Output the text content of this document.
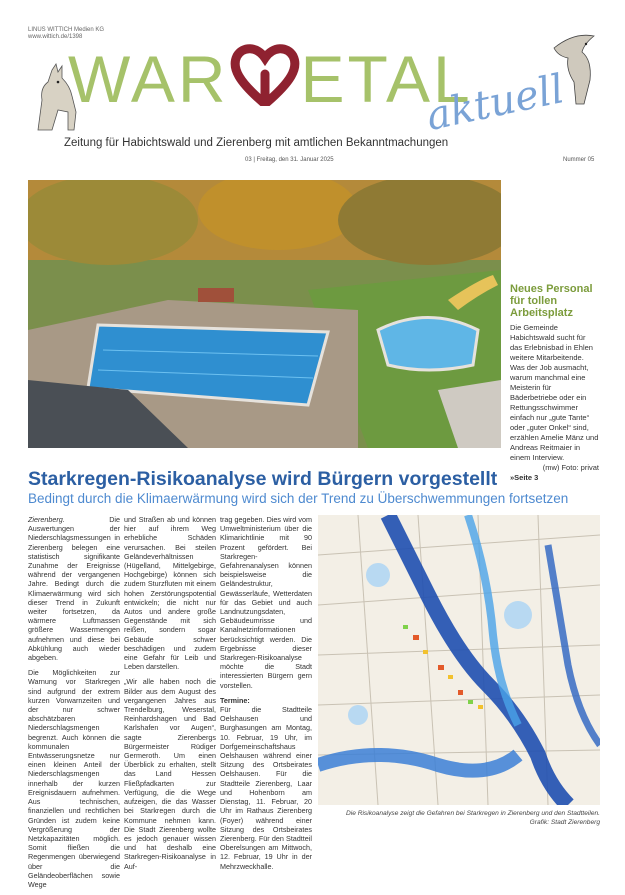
LINUS WITTICH Medien KG
www.wittich.de/1398
WAR ETAL
Zeitung für Habichtswald und Zierenberg mit amtlichen Bekanntmachungen
aktuell
03 | Freitag, den 31. Januar 2025	Nummer 05
Neues Personal für tollen Arbeitsplatz
Die Gemeinde Habichtswald sucht für das Erlebnisbad in Ehlen weitere Mitarbeitende. Was der Job ausmacht, warum manchmal eine Meisterin für Bäderbetriebe oder ein Rettungsschwimmer einfach nur „gute Tante“ oder „guter Onkel“ sind, erzählen Amelie Mänz und Andreas Reitmaier in einem Interview.
(mw) Foto: privat
»Seite 3
Starkregen-Risikoanalyse wird Bürgern vorgestellt
Bedingt durch die Klimaerwärmung wird sich der Trend zu Überschwemmungen fortsetzen

Zierenberg. Die Auswertungen der Niederschlagsmessungen in Zierenberg belegen eine statistisch signifikante Zunahme der Ereignisse während der vergangenen Jahre. Bedingt durch die Klimaerwärmung wird sich dieser Trend in Zukunft weiter fortsetzen, da wärmere Luftmassen größere Wassermengen aufnehmen und diese bei Abkühlung auch wieder abgeben.

Die Möglichkeiten zur Warnung vor Starkregen sind aufgrund der extrem kurzen Vorwarnzeiten und der nur schwer abschätzbaren Niederschlagsmengen begrenzt. Auch können die kommunalen Entwässerungsnetze nur einen kleinen Anteil der Niederschlagsmengen innerhalb der kurzen Ereignisdauern aufnehmen. Aus technischen, finanziellen und rechtlichen Gründen ist zudem keine Vergrößerung der Netzkapazitäten möglich. Somit fließen die Regenmengen überwiegend über die Geländeoberflächen sowie Wege

und Straßen ab und können hier auf ihrem Weg erhebliche Schäden verursachen. Bei steilen Geländeverhältnissen (Hügelland, Mittelgebirge, Hochgebirge) können sich zudem Sturzfluten mit einem hohen Zerstörungspotential entwickeln; die nicht nur Autos und andere große Gegenstände mit sich reißen, sondern sogar Gebäude schwer beschädigen und zudem eine Gefahr für Leib und Leben darstellen.

„Wir alle haben noch die Bilder aus dem August des vergangenen Jahres aus Trendelburg, Weserstal, Reinhardshagen und Bad Karlshafen vor Augen“, sagte Zierenbergs Bürgermeister Rüdiger Germeroth. Um einen Überblick zu erhalten, stellt das Land Hessen Fließpfadkarten zur Verfügung, die die Wege aufzeigen, die das Wasser bei Starkregen durch die Kommune nehmen kann. Die Stadt Zierenberg wollte es jedoch genauer wissen und hat deshalb eine Starkregen-Risikoanalyse in Auf-

trag gegeben. Dies wird vom Umweltministerium über die Klimarichtlinie mit 90 Prozent gefördert. Bei Starkregen-Gefahrenanalysen können beispielsweise die Geländestruktur, Gewässerläufe, Wetterdaten für das Gebiet und auch Landnutzungsdaten, Gebäudeumrisse und Kanalnetzinformationen berücksichtigt werden. Die Ergebnisse dieser Starkregen-Risikoanalyse möchte die Stadt interessierten Bürgern gern vorstellen.

Termine:
Für die Stadtteile Oelshausen und Burghasungen am Montag, 10. Februar, 19 Uhr, im Dorfgemeinschaftshaus Oelshausen während einer Sitzung des Ortsbeirates Oelshausen. Für die Stadtteile Zierenberg, Laar und Hohenborn am Dienstag, 11. Februar, 20 Uhr im Rathaus Zierenberg (Foyer) während einer Sitzung des Ortsbeirates Zierenberg. Für den Stadtteil Oberelsungen am Mittwoch, 12. Februar, 19 Uhr in der Mehrzweckhalle.

Die Risikoanalyse zeigt die Gefahren bei Starkregen in Zierenberg und den Stadtteilen.
Grafik: Stadt Zierenberg
